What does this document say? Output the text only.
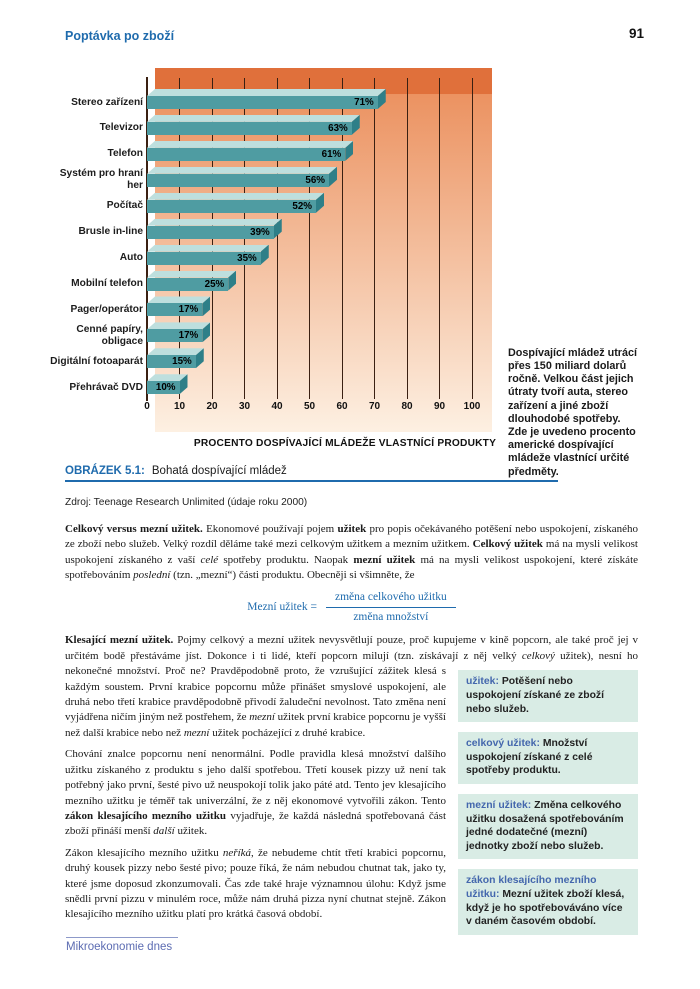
Poptávka po zboží	91
PROCENTO DOSPÍVAJÍCÍ MLÁDEŽE VLASTNÍCÍ PRODUKTY
0	10	20	30	40	50	60	70	80	90	100
71%
Stereo zařízení
63%
Televizor
61%
Telefon
56%
Systém pro hraní her
52%
Počítač
39%
Brusle in-line
35%
Auto
25%
Mobilní telefon
17%
Pager/operátor
17%
Cenné papíry, obligace
15%
Digitální fotoaparát
10%
Přehrávač DVD

Dospívající mládež utrácí přes 150 miliard dolarů ročně. Velkou část jejich útraty tvoří auta, stereo zařízení a jiné zboží dlouhodobé spotřeby. Zde je uvedeno procento americké dospívající mládeže vlastnící určité předměty.

OBRÁZEK 5.1: Bohatá dospívající mládež

Zdroj: Teenage Research Unlimited (údaje roku 2000)

Celkový versus mezní užitek. Ekonomové používají pojem užitek pro popis očekávaného potěšení nebo uspokojení, získaného ze zboží nebo služeb. Velký rozdíl děláme také mezi celkovým užitkem a mezním užitkem. Celkový užitek má na mysli velikost uspokojení získaného z vaší celé spotřeby produktu. Naopak mezní užitek má na mysli velikost uspokojení, které získáte spotřebováním poslední (tzn. „mezní“) části produktu. Obecněji si všimněte, že

Mezní užitek = $\frac{\text{změna celkového užitku}}{\text{změna množství}}$
užitek: Potěšení nebo uspokojení získané ze zboží nebo služeb.
celkový užitek: Množství uspokojení získané z celé spotřeby produktu.
mezní užitek: Změna celkového užitku dosažená spotřebováním jedné dodatečné (mezní) jednotky zboží nebo služeb.
zákon klesajícího mezního užitku: Mezní užitek zboží klesá, když je ho spotřebováváno více v daném časovém období.

Klesající mezní užitek. Pojmy celkový a mezní užitek nevysvětlují pouze, proč kupujeme v kině popcorn, ale také proč jej v určitém bodě přestáváme jíst. Dokonce i ti lidé, kteří popcorn milují (tzn. získávají z něj velký celkový užitek), nesní ho nekonečné množství. Proč ne? Pravděpodobně proto, že vzrušující zážitek klesá s každým soustem. První krabice popcornu může přinášet smyslové uspokojení, ale druhá nebo třetí krabice pravděpodobně přivodí žaludeční nevolnost. Tato změna není vyjádřena ničím jiným než postřehem, že mezní užitek první krabice popcornu je vyšší než další krabice nebo než mezní užitek pocházející z druhé krabice.

Chování znalce popcornu není nenormální. Podle pravidla klesá množství dalšího užitku získaného z produktu s jeho další spotřebou. Třetí kousek pizzy už není tak potřebný jako první, šesté pivo už neuspokojí tolik jako páté atd. Tento jev klesajícího mezního užitku je téměř tak univerzální, že z něj ekonomové vytvořili zákon. Tento zákon klesajícího mezního užitku vyjadřuje, že každá následná spotřebovaná část zboží přináší menší další užitek.

Zákon klesajícího mezního užitku neříká, že nebudeme chtít třetí krabici popcornu, druhý kousek pizzy nebo šesté pivo; pouze říká, že nám nebudou chutnat tak, jako ty, které jsme doposud zkonzumovali. Čas zde také hraje významnou úlohu: Když jsme snědli první pizzu v minulém roce, může nám druhá pizza nyní chutnat stejně. Zákon klesajícího mezního užitku platí pro krátká časová období.

Mikroekonomie dnes
